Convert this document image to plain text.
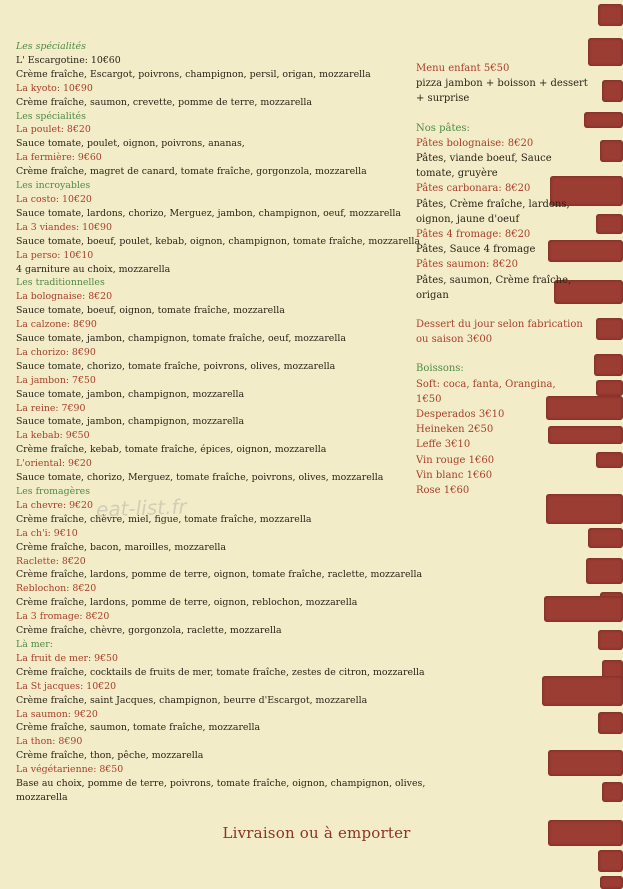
Les spécialités
L' Escargotine: 10€60
Crème fraîche, Escargot, poivrons, champignon, persil, origan, mozzarella
La kyoto: 10€90
Crème fraîche, saumon, crevette, pomme de terre, mozzarella
Les spécialités
La poulet: 8€20
Sauce tomate, poulet, oignon, poivrons, ananas,
La fermière: 9€60
Crème fraîche, magret de canard, tomate fraîche, gorgonzola, mozzarella
Les incroyables
La costo: 10€20
Sauce tomate, lardons, chorizo, Merguez, jambon, champignon, oeuf, mozzarella
La 3 viandes: 10€90
Sauce tomate, boeuf, poulet, kebab, oignon, champignon, tomate fraîche, mozzarella
La perso: 10€10
4 garniture au choix, mozzarella
Les traditionnelles
La bolognaise: 8€20
Sauce tomate, boeuf, oignon, tomate fraîche, mozzarella
La calzone: 8€90
Sauce tomate, jambon, champignon, tomate fraîche, oeuf, mozzarella
La chorizo: 8€90
Sauce tomate, chorizo, tomate fraîche, poivrons, olives, mozzarella
La jambon: 7€50
Sauce tomate, jambon, champignon, mozzarella
La reine: 7€90
Sauce tomate, jambon, champignon, mozzarella
La kebab: 9€50
Crème fraîche, kebab, tomate fraîche, épices, oignon, mozzarella
L'oriental: 9€20
Sauce tomate, chorizo, Merguez, tomate fraîche, poivrons, olives, mozzarella
Les fromagères
La chevre: 9€20
Crème fraîche, chèvre, miel, figue, tomate fraîche, mozzarella
La ch'i: 9€10
Crème fraîche, bacon, maroilles, mozzarella
Raclette: 8€20
Crème fraîche, lardons, pomme de terre, oignon, tomate fraîche, raclette, mozzarella
Reblochon: 8€20
Crème fraîche, lardons, pomme de terre, oignon, reblochon, mozzarella
La 3 fromage: 8€20
Crème fraîche, chèvre, gorgonzola, raclette, mozzarella
Là mer:
La fruit de mer: 9€50
Crème fraîche, cocktails de fruits de mer, tomate fraîche, zestes de citron, mozzarella
La St jacques: 10€20
Crème fraîche, saint Jacques, champignon, beurre d'Escargot, mozzarella
La saumon: 9€20
Crème fraîche, saumon, tomate fraîche, mozzarella
La thon: 8€90
Crème fraîche, thon, pêche, mozzarella
La végétarienne: 8€50
Base au choix, pomme de terre, poivrons, tomate fraîche, oignon, champignon, olives,
mozzarella
Menu enfant 5€50
pizza jambon + boisson + dessert
+ surprise
Nos pâtes:
Pâtes bolognaise: 8€20
Pâtes, viande boeuf, Sauce
tomate, gruyère
Pâtes carbonara: 8€20
Pâtes, Crème fraîche, lardons,
oignon, jaune d'oeuf
Pâtes 4 fromage: 8€20
Pâtes, Sauce 4 fromage
Pâtes saumon: 8€20
Pâtes, saumon, Crème fraîche,
origan
Dessert du jour selon fabrication
ou saison 3€00
Boissons:
Soft: coca, fanta, Orangina,
1€50
Desperados 3€10
Heineken 2€50
Leffe 3€10
Vin rouge 1€60
Vin blanc 1€60
Rose 1€60
eat-list.fr
Livraison ou à emporter
